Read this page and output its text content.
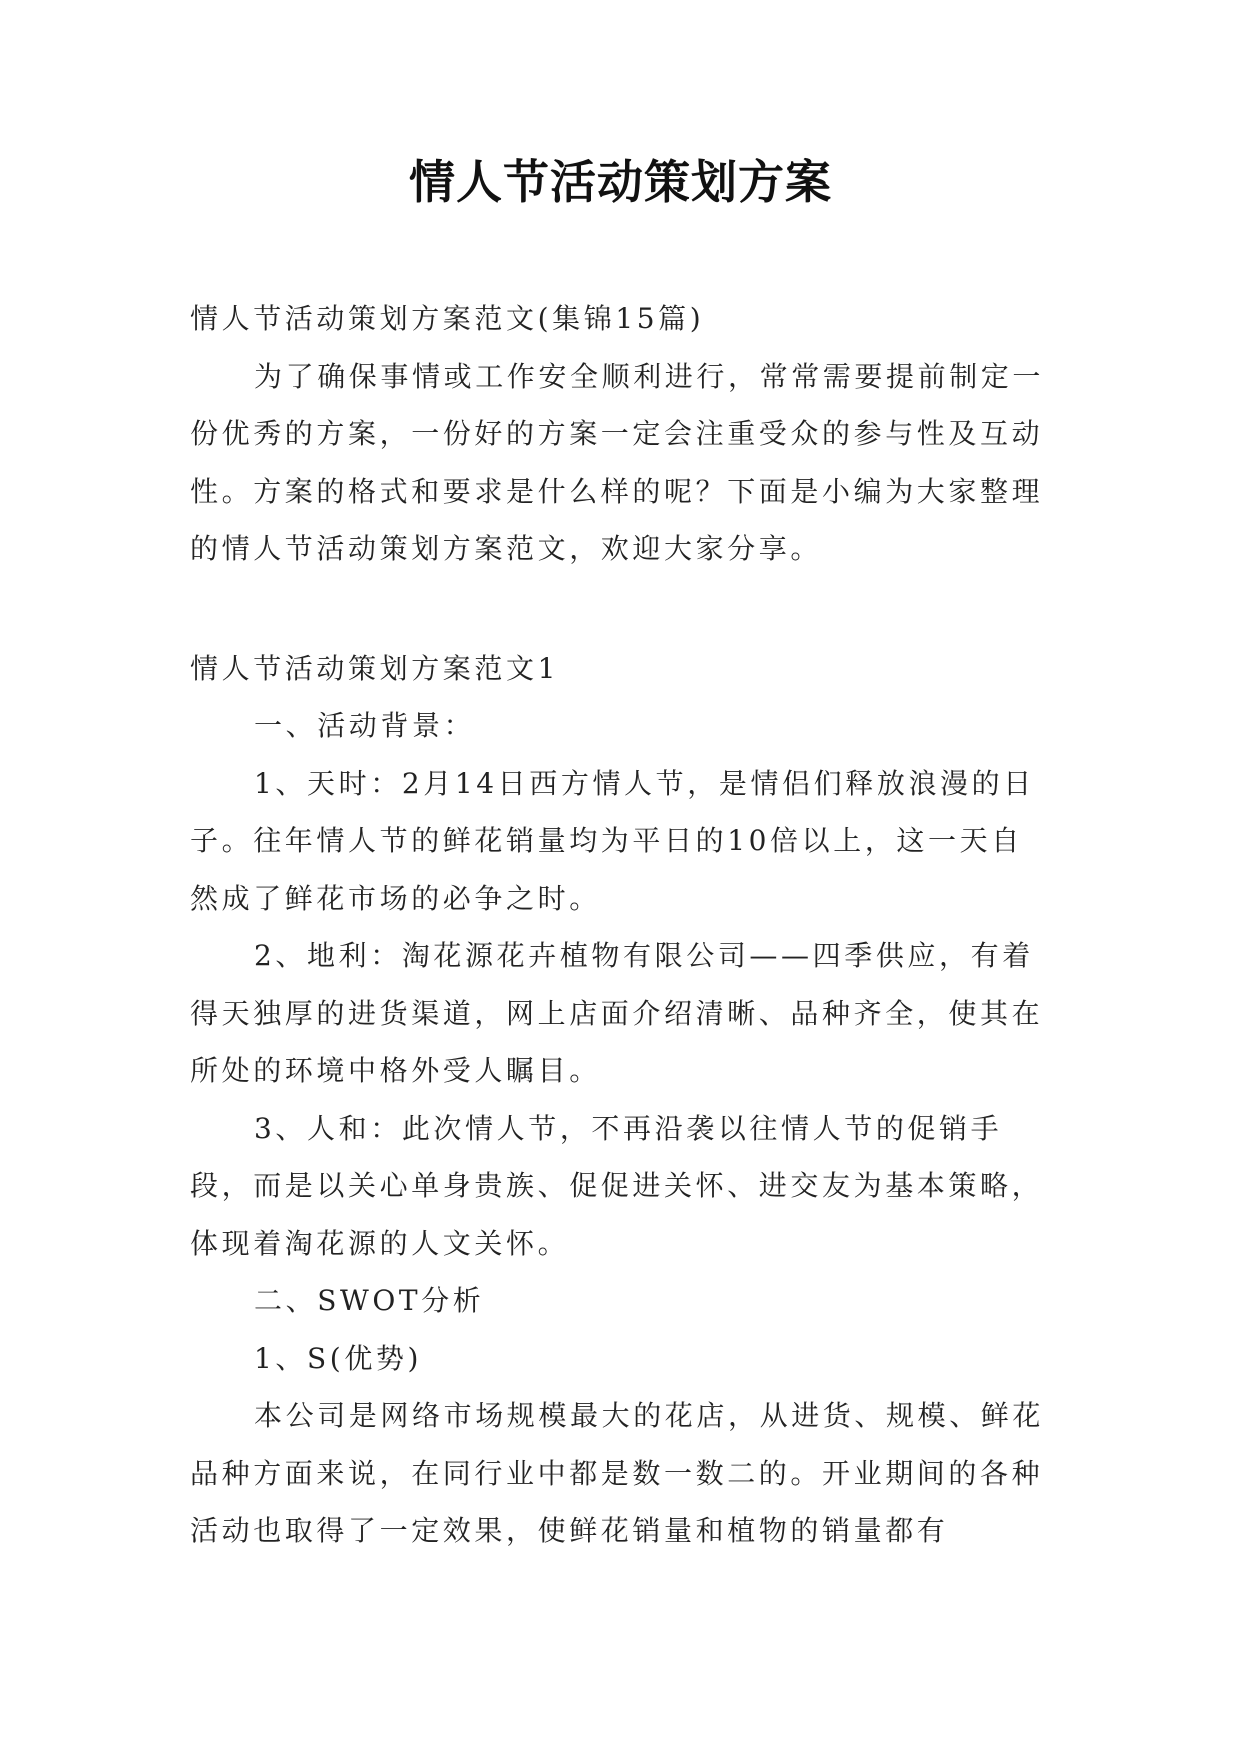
情人节活动策划方案

情人节活动策划方案范文(集锦15篇)

为了确保事情或工作安全顺利进行，常常需要提前制定一份优秀的方案，一份好的方案一定会注重受众的参与性及互动性。方案的格式和要求是什么样的呢？下面是小编为大家整理的情人节活动策划方案范文，欢迎大家分享。

情人节活动策划方案范文1

一、活动背景：

1、天时：2月14日西方情人节，是情侣们释放浪漫的日子。往年情人节的鲜花销量均为平日的10倍以上，这一天自然成了鲜花市场的必争之时。

2、地利：淘花源花卉植物有限公司——四季供应，有着得天独厚的进货渠道，网上店面介绍清晰、品种齐全，使其在所处的环境中格外受人瞩目。

3、人和：此次情人节，不再沿袭以往情人节的促销手段，而是以关心单身贵族、促促进关怀、进交友为基本策略，体现着淘花源的人文关怀。

二、SWOT分析

1、S(优势)

本公司是网络市场规模最大的花店，从进货、规模、鲜花品种方面来说，在同行业中都是数一数二的。开业期间的各种活动也取得了一定效果，使鲜花销量和植物的销量都有
